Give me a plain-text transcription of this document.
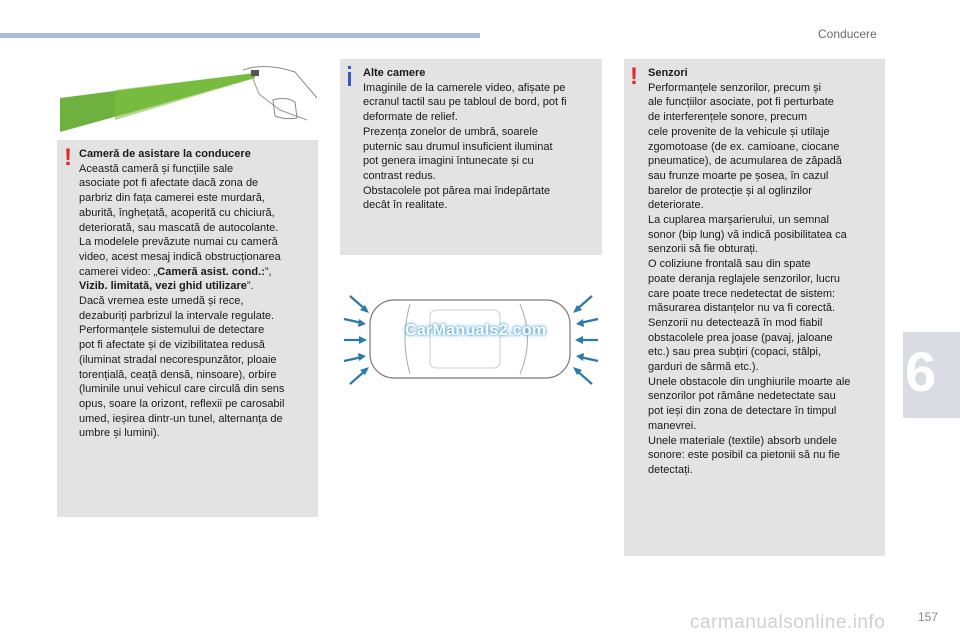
Conducere
6
! Cameră de asistare la conducere

Această cameră și funcțiile sale
asociate pot fi afectate dacă zona de
parbriz din fața camerei este murdară,
aburită, înghețată, acoperită cu chiciură,
deteriorată, sau mascată de autocolante.
La modelele prevăzute numai cu cameră
video, acest mesaj indică obstrucționarea
camerei video: „Cameră asist. cond.:”,
Vizib. limitată, vezi ghid utilizare”.
Dacă vremea este umedă și rece,
dezaburiți parbrizul la intervale regulate.
Performanțele sistemului de detectare
pot fi afectate și de vizibilitatea redusă
(iluminat stradal necorespunzător, ploaie
torențială, ceață densă, ninsoare), orbire
(luminile unui vehicul care circulă din sens
opus, soare la orizont, reflexii pe carosabil
umed, ieșirea dintr-un tunel, alternanța de
umbre și lumini).

Alte camere

Imaginile de la camerele video, afișate pe
ecranul tactil sau pe tabloul de bord, pot fi
deformate de relief.
Prezența zonelor de umbră, soarele
puternic sau drumul insuficient iluminat
pot genera imagini întunecate și cu
contrast redus.
Obstacolele pot părea mai îndepărtate
decât în realitate.

CarManuals2.com
! Senzori

Performanțele senzorilor, precum și
ale funcțiilor asociate, pot fi perturbate
de interferențele sonore, precum
cele provenite de la vehicule și utilaje
zgomotoase (de ex. camioane, ciocane
pneumatice), de acumularea de zăpadă
sau frunze moarte pe șosea, în cazul
barelor de protecție și al oglinzilor
deteriorate.
La cuplarea marșarierului, un semnal
sonor (bip lung) vă indică posibilitatea ca
senzorii să fie obturați.
O coliziune frontală sau din spate
poate deranja reglajele senzorilor, lucru
care poate trece nedetectat de sistem:
măsurarea distanțelor nu va fi corectă.
Senzorii nu detectează în mod fiabil
obstacolele prea joase (pavaj, jaloane
etc.) sau prea subțiri (copaci, stâlpi,
garduri de sârmă etc.).
Unele obstacole din unghiurile moarte ale
senzorilor pot rămâne nedetectate sau
pot ieși din zona de detectare în timpul
manevrei.
Unele materiale (textile) absorb undele
sonore: este posibil ca pietonii să nu fie
detectați.

carmanualsonline.info	157
